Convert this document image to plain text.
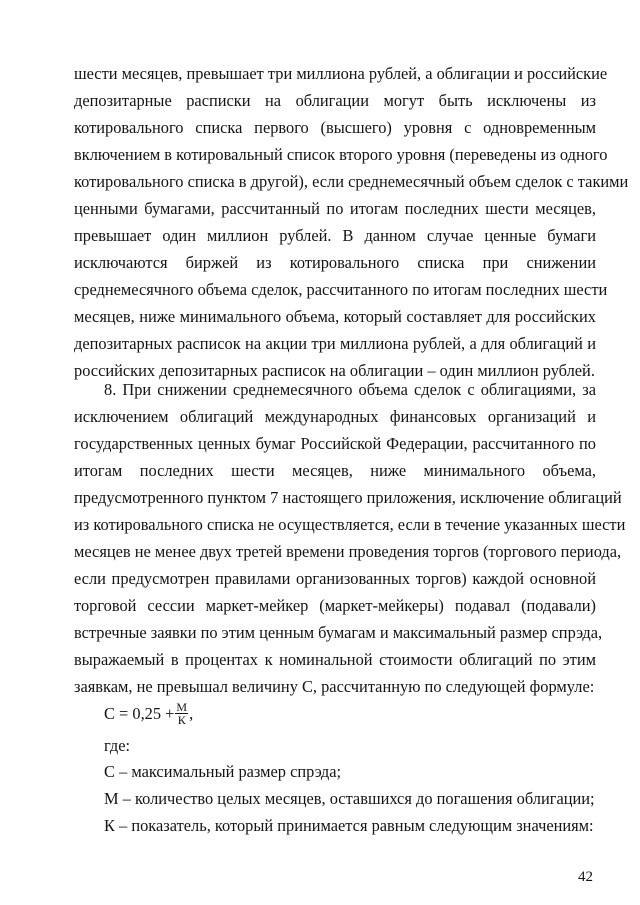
шести месяцев, превышает три миллиона рублей, а облигации и российские
депозитарные расписки на облигации могут быть исключены из
котировального списка первого (высшего) уровня с одновременным
включением в котировальный список второго уровня (переведены из одного
котировального списка в другой), если среднемесячный объем сделок с такими
ценными бумагами, рассчитанный по итогам последних шести месяцев,
превышает один миллион рублей. В данном случае ценные бумаги
исключаются биржей из котировального списка при снижении
среднемесячного объема сделок, рассчитанного по итогам последних шести
месяцев, ниже минимального объема, который составляет для российских
депозитарных расписок на акции три миллиона рублей, а для облигаций и
российских депозитарных расписок на облигации – один миллион рублей.
8. При снижении среднемесячного объема сделок с облигациями, за
исключением облигаций международных финансовых организаций и
государственных ценных бумаг Российской Федерации, рассчитанного по
итогам последних шести месяцев, ниже минимального объема,
предусмотренного пунктом 7 настоящего приложения, исключение облигаций
из котировального списка не осуществляется, если в течение указанных шести
месяцев не менее двух третей времени проведения торгов (торгового периода,
если предусмотрен правилами организованных торгов) каждой основной
торговой сессии маркет-мейкер (маркет-мейкеры) подавал (подавали)
встречные заявки по этим ценным бумагам и максимальный размер спрэда,
выражаемый в процентах к номинальной стоимости облигаций по этим
заявкам, не превышал величину С, рассчитанную по следующей формуле:
$С = 0,25 + \frac{М}{К}$ ,
где:
С – максимальный размер спрэда;
М – количество целых месяцев, оставшихся до погашения облигации;
К – показатель, который принимается равным следующим значениям:
42
